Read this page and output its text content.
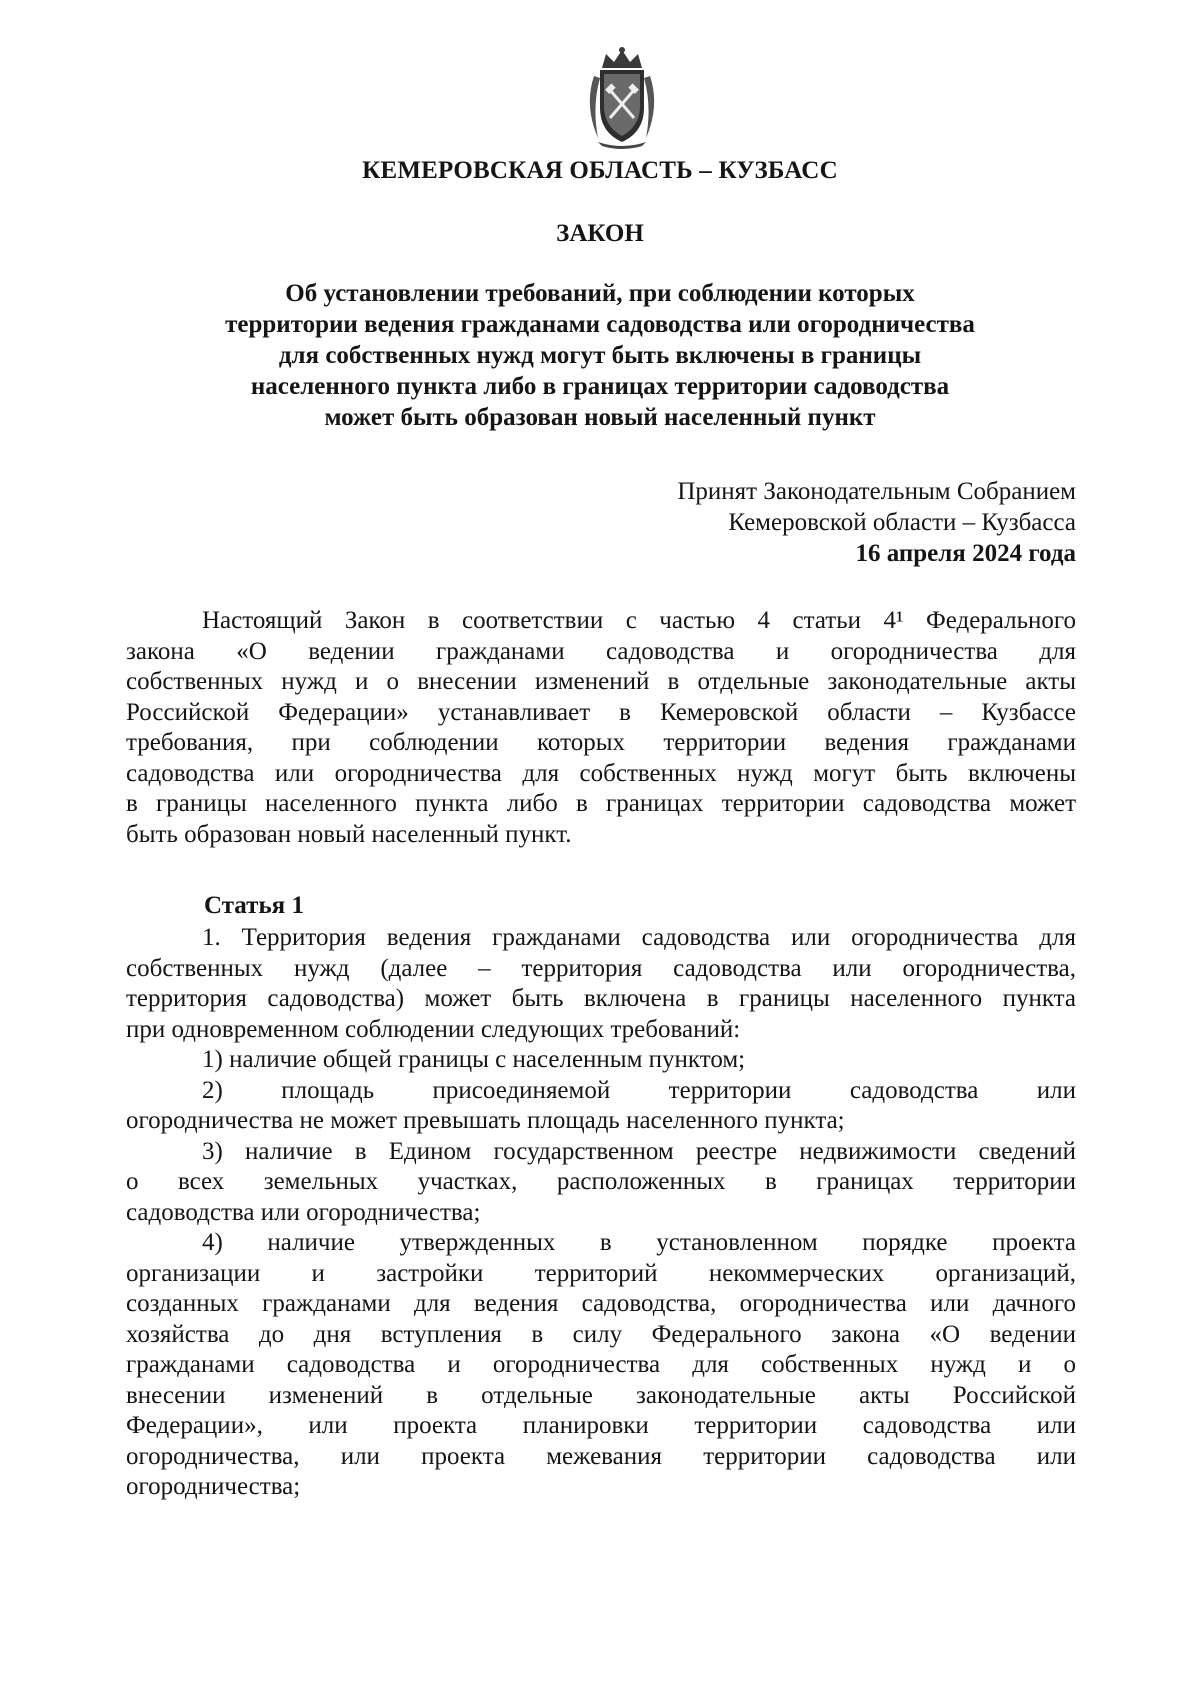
КЕМЕРОВСКАЯ ОБЛАСТЬ – КУЗБАСС
ЗАКОН
Об установлении требований, при соблюдении которых
территории ведения гражданами садоводства или огородничества
для собственных нужд могут быть включены в границы
населенного пункта либо в границах территории садоводства
может быть образован новый населенный пункт
Принят Законодательным Собранием
Кемеровской области – Кузбасса
16 апреля 2024 года
Настоящий Закон в соответствии с частью 4 статьи 4¹ Федерального
закона «О ведении гражданами садоводства и огородничества для
собственных нужд и о внесении изменений в отдельные законодательные акты
Российской Федерации» устанавливает в Кемеровской области – Кузбассе
требования, при соблюдении которых территории ведения гражданами
садоводства или огородничества для собственных нужд могут быть включены
в границы населенного пункта либо в границах территории садоводства может
быть образован новый населенный пункт.
Статья 1
1. Территория ведения гражданами садоводства или огородничества для
собственных нужд (далее – территория садоводства или огородничества,
территория садоводства) может быть включена в границы населенного пункта
при одновременном соблюдении следующих требований:
1) наличие общей границы с населенным пунктом;
2) площадь присоединяемой территории садоводства или
огородничества не может превышать площадь населенного пункта;
3) наличие в Едином государственном реестре недвижимости сведений
о всех земельных участках, расположенных в границах территории
садоводства или огородничества;
4) наличие утвержденных в установленном порядке проекта
организации и застройки территорий некоммерческих организаций,
созданных гражданами для ведения садоводства, огородничества или дачного
хозяйства до дня вступления в силу Федерального закона «О ведении
гражданами садоводства и огородничества для собственных нужд и о
внесении изменений в отдельные законодательные акты Российской
Федерации», или проекта планировки территории садоводства или
огородничества, или проекта межевания территории садоводства или
огородничества;
